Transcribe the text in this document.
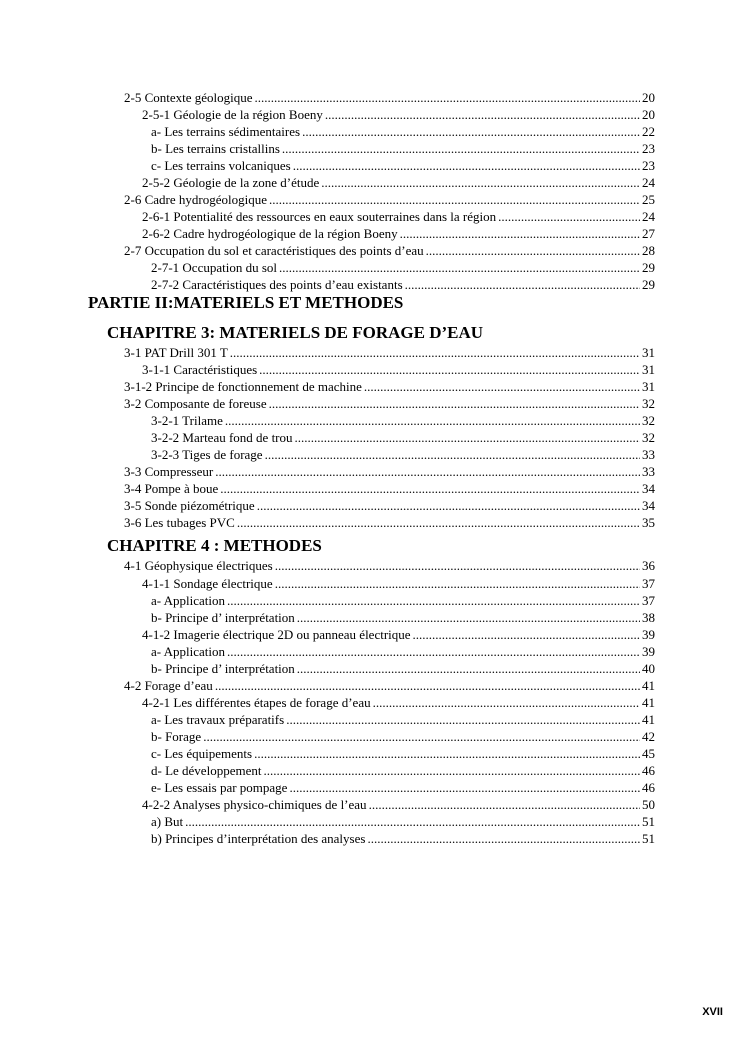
2-5 Contexte géologique .....	20
2-5-1 Géologie de la région Boeny .....	20
a- Les terrains sédimentaires .....	22
b- Les terrains cristallins .....	23
c- Les terrains volcaniques .....	23
2-5-2 Géologie de la zone d’étude .....	24
2-6 Cadre hydrogéologique .....	25
2-6-1 Potentialité des ressources en eaux souterraines dans la région .....	24
2-6-2 Cadre hydrogéologique de la région Boeny .....	27
2-7 Occupation du sol et caractéristiques des points d’eau .....	28
2-7-1 Occupation du sol .....	29
2-7-2 Caractéristiques des points d’eau existants .....	29
PARTIE II:MATERIELS ET METHODES
CHAPITRE 3: MATERIELS DE FORAGE D’EAU
3-1 PAT Drill 301 T .....	31
3-1-1 Caractéristiques .....	31
3-1-2 Principe de fonctionnement de machine .....	31
3-2 Composante de foreuse .....	32
3-2-1 Trilame .....	32
3-2-2 Marteau fond de trou .....	32
3-2-3 Tiges de forage .....	33
3-3 Compresseur .....	33
3-4 Pompe à boue .....	34
3-5 Sonde piézométrique .....	34
3-6 Les tubages PVC .....	35
CHAPITRE 4 : METHODES
4-1 Géophysique électriques .....	36
4-1-1 Sondage électrique .....	37
a- Application .....	37
b- Principe d’ interprétation .....	38
4-1-2 Imagerie électrique 2D ou panneau électrique .....	39
a- Application .....	39
b- Principe d’ interprétation .....	40
4-2 Forage d’eau .....	41
4-2-1 Les différentes étapes de forage d’eau .....	41
a- Les travaux préparatifs .....	41
b- Forage .....	42
c- Les équipements .....	45
d- Le développement .....	46
e- Les essais par pompage .....	46
4-2-2 Analyses physico-chimiques de l’eau .....	50
a) But .....	51
b) Principes d’interprétation des analyses .....	51
XVII
